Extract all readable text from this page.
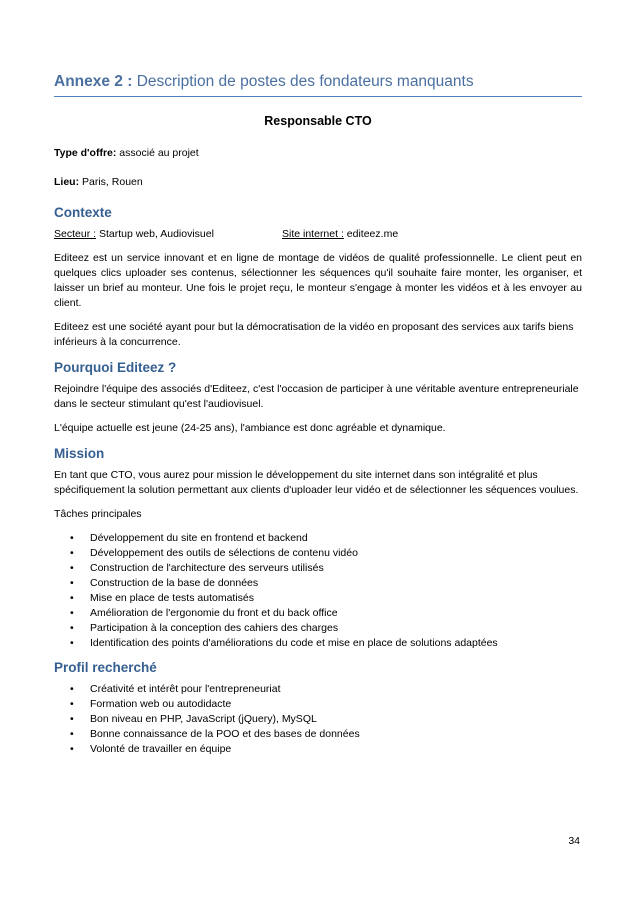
Annexe 2 : Description de postes des fondateurs manquants
Responsable CTO
Type d'offre: associé au projet
Lieu: Paris, Rouen
Contexte
Secteur : Startup web, Audiovisuel	Site internet : editeez.me

Editeez est un service innovant et en ligne de montage de vidéos de qualité professionnelle. Le client peut en quelques clics uploader ses contenus, sélectionner les séquences qu'il souhaite faire monter, les organiser, et laisser un brief au monteur. Une fois le projet reçu, le monteur s'engage à monter les vidéos et à les envoyer au client.

Editeez est une société ayant pour but la démocratisation de la vidéo en proposant des services aux tarifs biens inférieurs à la concurrence.

Pourquoi Editeez ?

Rejoindre l'équipe des associés d'Editeez, c'est l'occasion de participer à une véritable aventure entrepreneuriale dans le secteur stimulant qu'est l'audiovisuel.

L'équipe actuelle est jeune (24-25 ans), l'ambiance est donc agréable et dynamique.

Mission

En tant que CTO, vous aurez pour mission le développement du site internet dans son intégralité et plus spécifiquement la solution permettant aux clients d'uploader leur vidéo et de sélectionner les séquences voulues.

Tâches principales

• Développement du site en frontend et backend
• Développement des outils de sélections de contenu vidéo
• Construction de l'architecture des serveurs utilisés
• Construction de la base de données
• Mise en place de tests automatisés
• Amélioration de l'ergonomie du front et du back office
• Participation à la conception des cahiers des charges
• Identification des points d'améliorations du code et mise en place de solutions adaptées
Profil recherché
• Créativité et intérêt pour l'entrepreneuriat
• Formation web ou autodidacte
• Bon niveau en PHP, JavaScript (jQuery), MySQL
• Bonne connaissance de la POO et des bases de données
• Volonté de travailler en équipe
34
